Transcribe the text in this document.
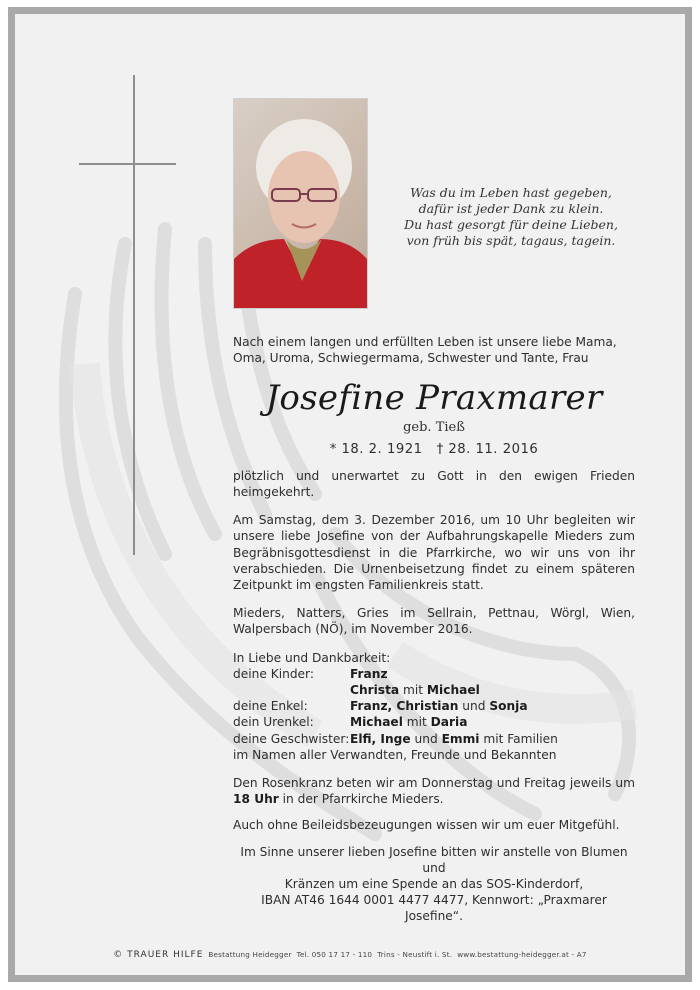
Was du im Leben hast gegeben,
dafür ist jeder Dank zu klein.
Du hast gesorgt für deine Lieben,
von früh bis spät, tagaus, tagein.

Nach einem langen und erfüllten Leben ist unsere liebe Mama,
Oma, Uroma, Schwiegermama, Schwester und Tante, Frau

Josefine Praxmarer
geb. Tieß
* 18. 2. 1921   † 28. 11. 2016

plötzlich und unerwartet zu Gott in den ewigen Frieden heimgekehrt.

Am Samstag, dem 3. Dezember 2016, um 10 Uhr begleiten wir unsere liebe Josefine von der Aufbahrungskapelle Mieders zum Begräbnisgottesdienst in die Pfarrkirche, wo wir uns von ihr verabschieden. Die Urnenbeisetzung findet zu einem späteren Zeitpunkt im engsten Familienkreis statt.

Mieders, Natters, Gries im Sellrain, Pettnau, Wörgl, Wien, Walpersbach (NÖ), im November 2016.

In Liebe und Dankbarkeit:
deine Kinder:	Franz
Christa mit Michael
deine Enkel:	Franz, Christian und Sonja
dein Urenkel:	Michael mit Daria
deine Geschwister: Elfi, Inge und Emmi mit Familien
im Namen aller Verwandten, Freunde und Bekannten

Den Rosenkranz beten wir am Donnerstag und Freitag jeweils um 18 Uhr in der Pfarrkirche Mieders.

Auch ohne Beileidsbezeugungen wissen wir um euer Mitgefühl.

Im Sinne unserer lieben Josefine bitten wir anstelle von Blumen und
Kränzen um eine Spende an das SOS-Kinderdorf,
IBAN AT46 1644 0001 4477 4477, Kennwort: „Praxmarer Josefine“.

© TRAUER HILFE Bestattung Heidegger Tel. 050 17 17 - 110 Trins - Neustift i. St. www.bestattung-heidegger.at - A7
